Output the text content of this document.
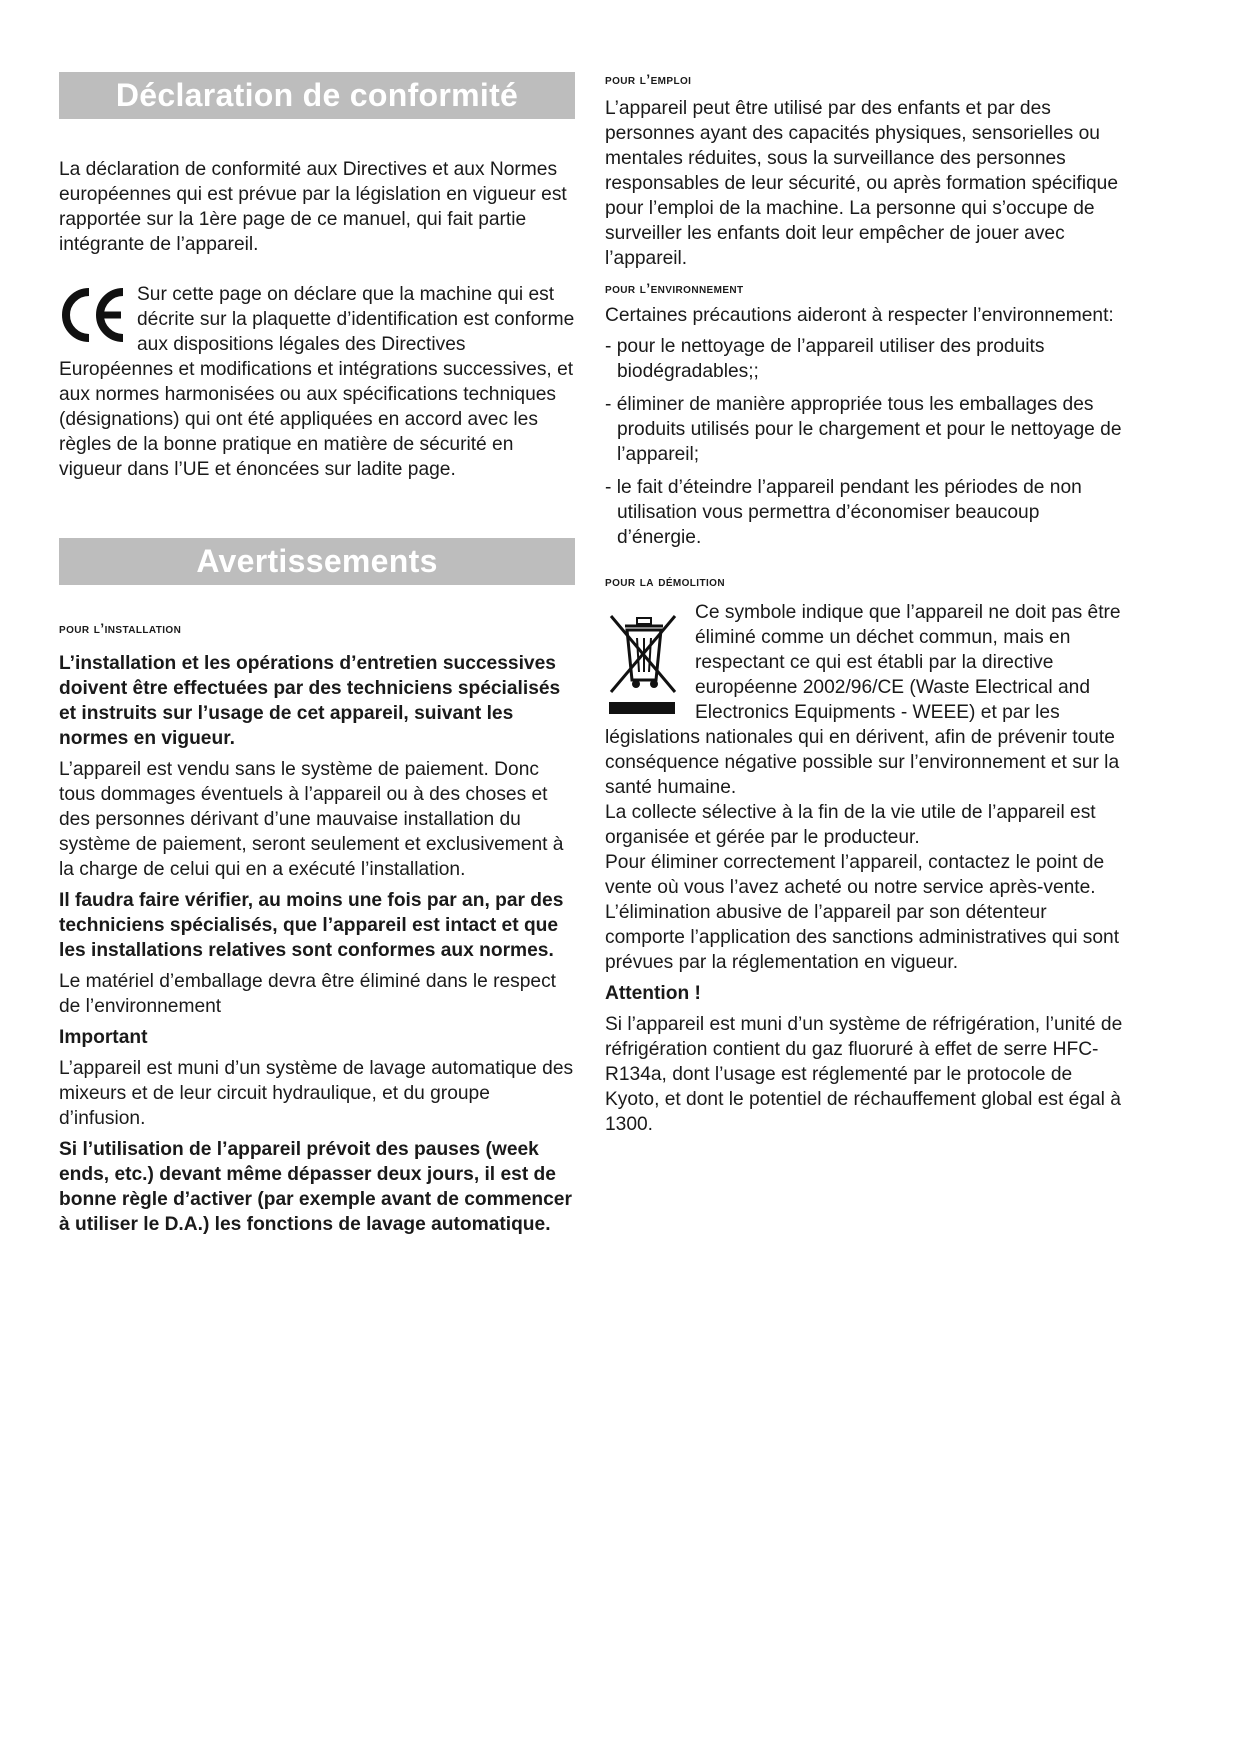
Déclaration de conformité

La déclaration de conformité aux Directives et aux Normes européennes qui est prévue par la législation en vigueur est rapportée sur la 1ère page de ce manuel, qui fait partie intégrante de l’appareil.

Sur cette page on déclare que la machine qui est décrite sur la plaquette d’identification est conforme aux dispositions légales des Directives Européennes et modifications et intégrations successives, et aux normes harmonisées ou aux spécifications techniques (désignations) qui ont été appliquées en accord avec les règles de la bonne pratique en matière de sécurité en vigueur dans l’UE et énoncées sur ladite page.

Avertissements

pour l’installation

L’installation et les opérations d’entretien successives doivent être effectuées par des techniciens spécialisés et instruits sur l’usage de cet appareil, suivant les normes en vigueur.

L’appareil est vendu sans le système de paiement. Donc tous dommages éventuels à l’appareil ou à des choses et des personnes dérivant d’une mauvaise installation du système de paiement, seront seulement et exclusivement à la charge de celui qui en a exécuté l’installation.

Il faudra faire vérifier, au moins une fois par an, par des techniciens spécialisés, que l’appareil est intact et que les installations relatives sont conformes aux normes.

Le matériel d’emballage devra être éliminé dans le respect de l’environnement

Important

L’appareil est muni d’un système de lavage automatique des mixeurs et de leur circuit hydraulique, et du groupe d’infusion.

Si l’utilisation de l’appareil prévoit des pauses (week ends, etc.) devant même dépasser deux jours, il est de bonne règle d’activer (par exemple avant de commencer à utiliser le D.A.) les fonctions de lavage automatique.

pour l’emploi

L’appareil peut être utilisé par des enfants et par des personnes ayant des capacités physiques, sensorielles ou mentales réduites, sous la surveillance des personnes responsables de leur sécurité, ou après formation spécifique pour l’emploi de la machine. La personne qui s’occupe de surveiller les enfants doit leur empêcher de jouer avec l’appareil.

pour l’environnement

Certaines précautions aideront à respecter l’environnement:

- pour le nettoyage de l’appareil utiliser des produits biodégradables;;
- éliminer de manière appropriée tous les emballages des produits utilisés pour le chargement et pour le nettoyage de l’appareil;
- le fait d’éteindre l’appareil pendant les périodes de non utilisation vous permettra d’économiser beaucoup d’énergie.

pour la démolition

Ce symbole indique que l’appareil ne doit pas être éliminé comme un déchet commun, mais en respectant ce qui est établi par la directive européenne 2002/96/CE (Waste Electrical and Electronics Equipments - WEEE) et par les législations nationales qui en dérivent, afin de prévenir toute conséquence négative possible sur l’environnement et sur la santé humaine.

La collecte sélective à la fin de la vie utile de l’appareil est organisée et gérée par le producteur.

Pour éliminer correctement l’appareil, contactez le point de vente où vous l’avez acheté ou notre service après-vente.

L’élimination abusive de l’appareil par son détenteur comporte l’application des sanctions administratives qui sont prévues par la réglementation en vigueur.

Attention !

Si l’appareil est muni d’un système de réfrigération, l’unité de réfrigération contient du gaz fluoruré à effet de serre HFC-R134a, dont l’usage est réglementé par le protocole de Kyoto, et dont le potentiel de réchauffement global est égal à 1300.
